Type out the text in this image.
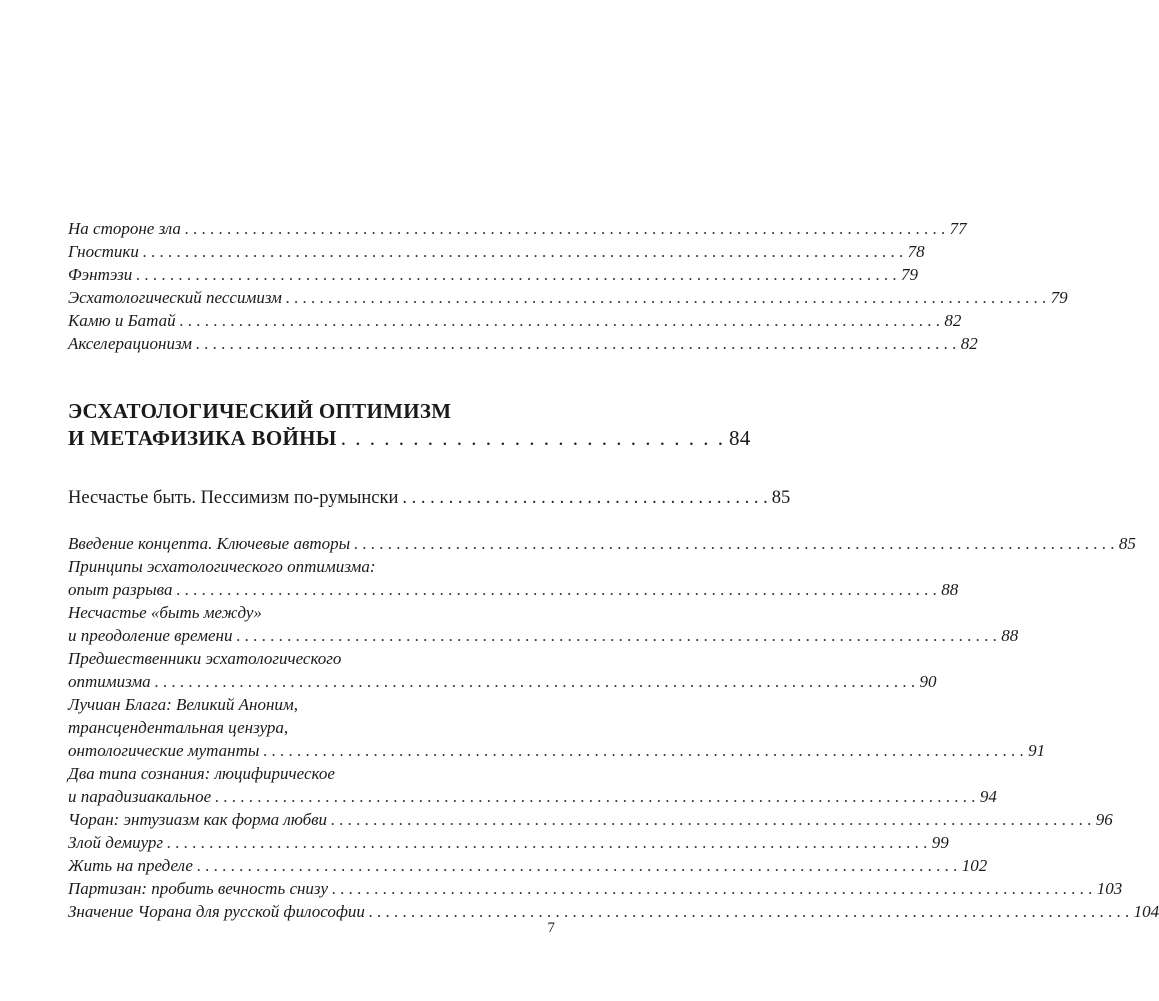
На стороне зла . . .	77
Гностики . . .	78
Фэнтэзи . . .	79
Эсхатологический пессимизм . . .	79
Камю и Батай . . .	82
Акселерационизм . . .	82
ЭСХАТОЛОГИЧЕСКИЙ ОПТИМИЗМ
И МЕТАФИЗИКА ВОЙНЫ . . . . . . . . . . . . . . . . . . . . . . . . . . . 84
Несчастье быть. Пессимизм по-румынски . . .	85
Введение концепта. Ключевые авторы . . .	85
Принципы эсхатологического оптимизма:
опыт разрыва . . .	88
Несчастье «быть между»
и преодоление времени . . .	88
Предшественники эсхатологического
оптимизма . . .	90
Лучиан Блага: Великий Аноним,
трансцендентальная цензура,
онтологические мутанты . . .	91
Два типа сознания: люцифирическое
и парадизиакальное . . .	94
Чоран: энтузиазм как форма любви . . .	96
Злой демиург . . .	99
Жить на пределе . . .	102
Партизан: пробить вечность снизу . . .	103
Значение Чорана для русской философии . . .	104
7
